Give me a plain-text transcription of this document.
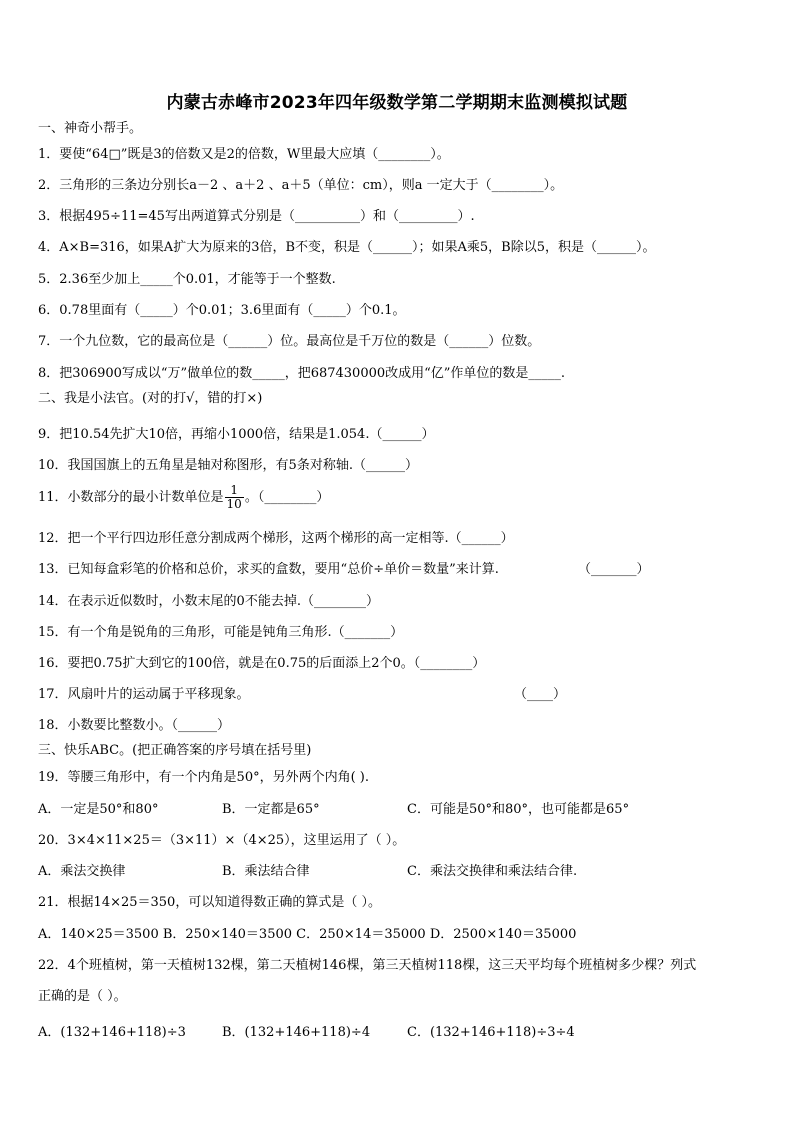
内蒙古赤峰市2023年四年级数学第二学期期末监测模拟试题
一、神奇小帮手。
1．要使“64□”既是3的倍数又是2的倍数，W里最大应填（________）。
2．三角形的三条边分别长a－2 、a＋2 、a＋5（单位：cm），则a 一定大于（________）。
3．根据495÷11=45写出两道算式分别是（__________）和（_________）.
4．A×B=316，如果A扩大为原来的3倍，B不变，积是（______）；如果A乘5，B除以5，积是（______）。
5．2.36至少加上_____个0.01，才能等于一个整数.
6．0.78里面有（_____）个0.01；3.6里面有（_____）个0.1。
7．一个九位数，它的最高位是（______）位。最高位是千万位的数是（______）位数。
8．把306900写成以“万”做单位的数_____，把687430000改成用“亿”作单位的数是_____.
二、我是小法官。(对的打√，错的打×)
9．把10.54先扩大10倍，再缩小1000倍，结果是1.054.（______）
10．我国国旗上的五角星是轴对称图形，有5条对称轴.（______）
11．小数部分的最小计数单位是 $\frac{1}{10}$ 。（________）
12．把一个平行四边形任意分割成两个梯形，这两个梯形的高一定相等.（______）
13．已知每盒彩笔的价格和总价，求买的盒数，要用“总价÷单价＝数量”来计算.	（_______）
14．在表示近似数时，小数末尾的0不能去掉.（________）
15．有一个角是锐角的三角形，可能是钝角三角形.（_______）
16．要把0.75扩大到它的100倍，就是在0.75的后面添上2个0。（________）
17．风扇叶片的运动属于平移现象。	（____）
18．小数要比整数小。（______）
三、快乐ABC。(把正确答案的序号填在括号里)
19．等腰三角形中，有一个内角是50°，另外两个内角( ).
A．一定是50°和80°	B．一定都是65°	C．可能是50°和80°，也可能都是65°
20．3×4×11×25＝（3×11）×（4×25），这里运用了（ ）。
A．乘法交换律	B．乘法结合律	C．乘法交换律和乘法结合律.
21．根据14×25＝350，可以知道得数正确的算式是（ ）。
A．140×25＝3500 B．250×140＝3500 C．250×14＝35000 D．2500×140＝35000
22．4个班植树，第一天植树132棵，第二天植树146棵，第三天植树118棵，这三天平均每个班植树多少棵？列式
正确的是（ ）。
A．(132+146+118)÷3	B．(132+146+118)÷4	C．(132+146+118)÷3÷4
